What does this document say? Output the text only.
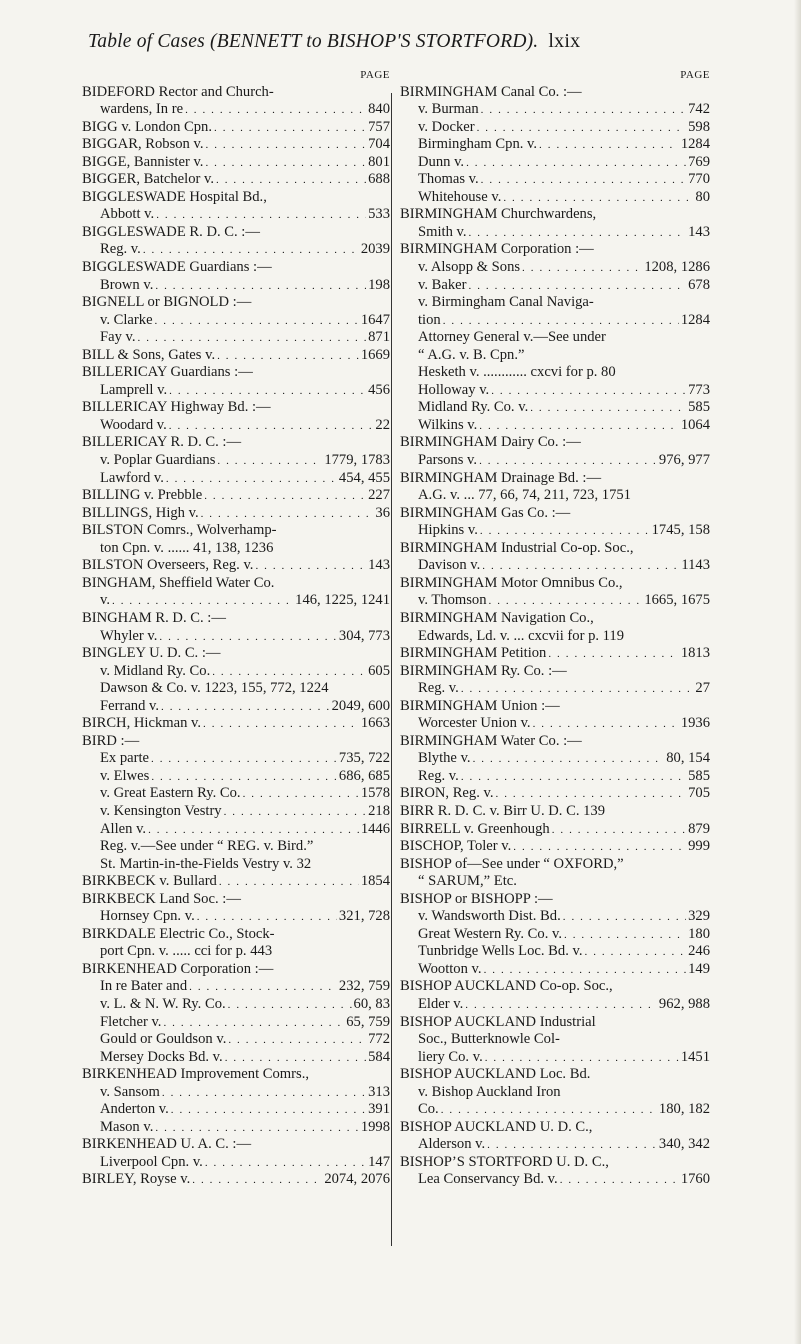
Table of Cases (BENNETT to BISHOP'S STORTFORD). lxix
PAGE
BIDEFORD Rector and Church-
wardens, In re . . .	840
BIGG v. London Cpn. . . .	757
BIGGAR, Robson v. . . .	704
BIGGE, Bannister v. . . .	801
BIGGER, Batchelor v. . . .	688
BIGGLESWADE Hospital Bd.,
Abbott v. . . .	533
BIGGLESWADE R. D. C. :—
Reg. v. . . .	2039
BIGGLESWADE Guardians :—
Brown v. . . .	198
BIGNELL or BIGNOLD :—
v. Clarke . . .	1647
Fay v. . . .	871
BILL & Sons, Gates v. . . .	1669
BILLERICAY Guardians :—
Lamprell v. . . .	456
BILLERICAY Highway Bd. :—
Woodard v. . . .	22
BILLERICAY R. D. C. :—
v. Poplar Guardians . . .	1779, 1783
Lawford v. . . .	454, 455
BILLING v. Prebble . . .	227
BILLINGS, High v. . . .	36
BILSTON Comrs., Wolverhamp-
ton Cpn. v. ...... 41, 138, 1236
BILSTON Overseers, Reg. v. . . .	143
BINGHAM, Sheffield Water Co.
v. . . .	146, 1225, 1241
BINGHAM R. D. C. :—
Whyler v. . . .	304, 773
BINGLEY U. D. C. :—
v. Midland Ry. Co. . . .	605
Dawson & Co. v. 1223, 155, 772, 1224
Ferrand v. . . .	2049, 600
BIRCH, Hickman v. . . .	1663
BIRD :—
Ex parte . . .	735, 722
v. Elwes . . .	686, 685
v. Great Eastern Ry. Co. . . .	1578
v. Kensington Vestry . . .	218
Allen v. . . .	1446
Reg. v.—See under “ REG. v. Bird.”
St. Martin-in-the-Fields Vestry v. 32
BIRKBECK v. Bullard . . .	1854
BIRKBECK Land Soc. :—
Hornsey Cpn. v. . . .	321, 728
BIRKDALE Electric Co., Stock-
port Cpn. v. ..... cci for p. 443
BIRKENHEAD Corporation :—
In re Bater and . . .	232, 759
v. L. & N. W. Ry. Co. . . .	60, 83
Fletcher v. . . .	65, 759
Gould or Gouldson v. . . .	772
Mersey Docks Bd. v. . . .	584
BIRKENHEAD Improvement Comrs.,
v. Sansom . . .	313
Anderton v. . . .	391
Mason v. . . .	1998
BIRKENHEAD U. A. C. :—
Liverpool Cpn. v. . . .	147
BIRLEY, Royse v. . . .	2074, 2076
PAGE
BIRMINGHAM Canal Co. :—
v. Burman . . .	742
v. Docker . . .	598
Birmingham Cpn. v. . . .	1284
Dunn v. . . .	769
Thomas v. . . .	770
Whitehouse v. . . .	80
BIRMINGHAM Churchwardens,
Smith v. . . .	143
BIRMINGHAM Corporation :—
v. Alsopp & Sons . . .	1208, 1286
v. Baker . . .	678
v. Birmingham Canal Naviga-
tion . . .	1284
Attorney General v.—See under
“ A.G. v. B. Cpn.”
Hesketh v. ............ cxcvi for p. 80
Holloway v. . . .	773
Midland Ry. Co. v. . . .	585
Wilkins v. . . .	1064
BIRMINGHAM Dairy Co. :—
Parsons v. . . .	976, 977
BIRMINGHAM Drainage Bd. :—
A.G. v. ... 77, 66, 74, 211, 723, 1751
BIRMINGHAM Gas Co. :—
Hipkins v. . . .	1745, 158
BIRMINGHAM Industrial Co-op. Soc.,
Davison v. . . .	1143
BIRMINGHAM Motor Omnibus Co.,
v. Thomson . . .	1665, 1675
BIRMINGHAM Navigation Co.,
Edwards, Ld. v. ... cxcvii for p. 119
BIRMINGHAM Petition . . .	1813
BIRMINGHAM Ry. Co. :—
Reg. v. . . .	27
BIRMINGHAM Union :—
Worcester Union v. . . .	1936
BIRMINGHAM Water Co. :—
Blythe v. . . .	80, 154
Reg. v. . . .	585
BIRON, Reg. v. . . .	705
BIRR R. D. C. v. Birr U. D. C. 139
BIRRELL v. Greenhough . . .	879
BISCHOP, Toler v. . . .	999
BISHOP of—See under “ OXFORD,”
“ SARUM,” Etc.
BISHOP or BISHOPP :—
v. Wandsworth Dist. Bd. . . .	329
Great Western Ry. Co. v. . . .	180
Tunbridge Wells Loc. Bd. v. . . .	246
Wootton v. . . .	149
BISHOP AUCKLAND Co-op. Soc.,
Elder v. . . .	962, 988
BISHOP AUCKLAND Industrial
Soc., Butterknowle Col-
liery Co. v. . . .	1451
BISHOP AUCKLAND Loc. Bd.
v. Bishop Auckland Iron
Co. . . .	180, 182
BISHOP AUCKLAND U. D. C.,
Alderson v. . . .	340, 342
BISHOP’S STORTFORD U. D. C.,
Lea Conservancy Bd. v. . . .	1760
